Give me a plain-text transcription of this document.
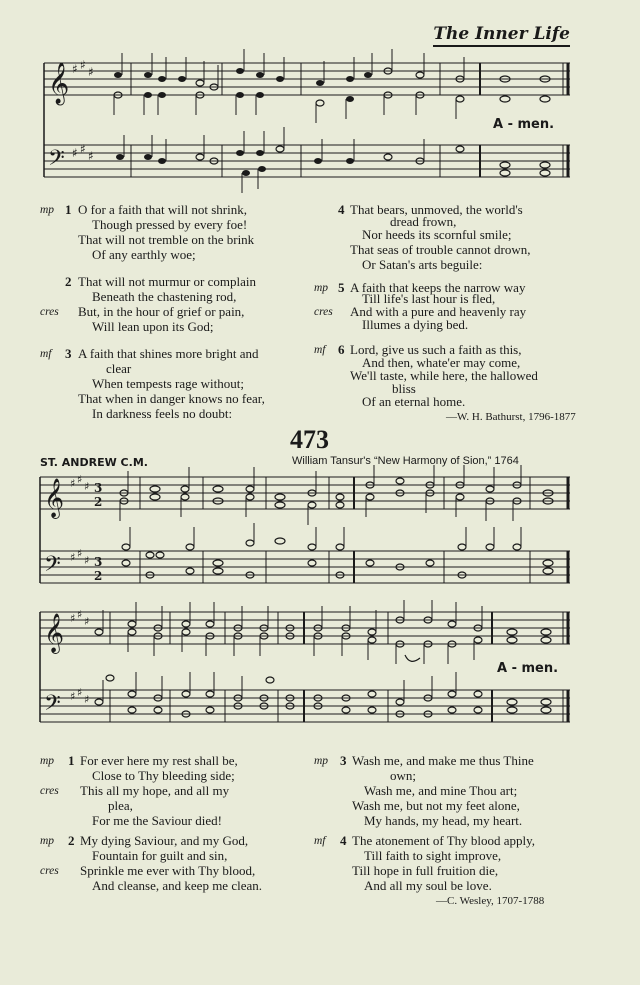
The Inner Life
𝄞
𝄢
♯ ♯ ♯
♯ ♯ ♯
A - men.
mp 1 O for a faith that will not shrink,
Though pressed by every foe!
That will not tremble on the brink
Of any earthly woe;
2 That will not murmur or complain
Beneath the chastening rod,
cres But, in the hour of grief or pain,
Will lean upon its God;
mf 3 A faith that shines more bright and
clear
When tempests rage without;
That when in danger knows no fear,
In darkness feels no doubt:
4 That bears, unmoved, the world's
dread frown,
Nor heeds its scornful smile;
That seas of trouble cannot drown,
Or Satan's arts beguile:
mp 5 A faith that keeps the narrow way
Till life's last hour is fled,
cres And with a pure and heavenly ray
Illumes a dying bed.
mf 6 Lord, give us such a faith as this,
And then, whate'er may come,
We'll taste, while here, the hallowed
bliss
Of an eternal home.
—W. H. Bathurst, 1796-1877
473
ST. ANDREW C.M.	William Tansur's “New Harmony of Sion,” 1764
𝄞
𝄢
♯ ♯
♯
♯ ♯
♯
3
2
3
2
𝄞
𝄢
♯ ♯
♯
♯ ♯
♯
A - men.
mp 1 For ever here my rest shall be,
Close to Thy bleeding side;
cres This all my hope, and all my
plea,
For me the Saviour died!
mp 2 My dying Saviour, and my God,
Fountain for guilt and sin,
cres Sprinkle me ever with Thy blood,
And cleanse, and keep me clean.
mp 3 Wash me, and make me thus Thine
own;
Wash me, and mine Thou art;
Wash me, but not my feet alone,
My hands, my head, my heart.
mf 4 The atonement of Thy blood apply,
Till faith to sight improve,
Till hope in full fruition die,
And all my soul be love.
—C. Wesley, 1707-1788
